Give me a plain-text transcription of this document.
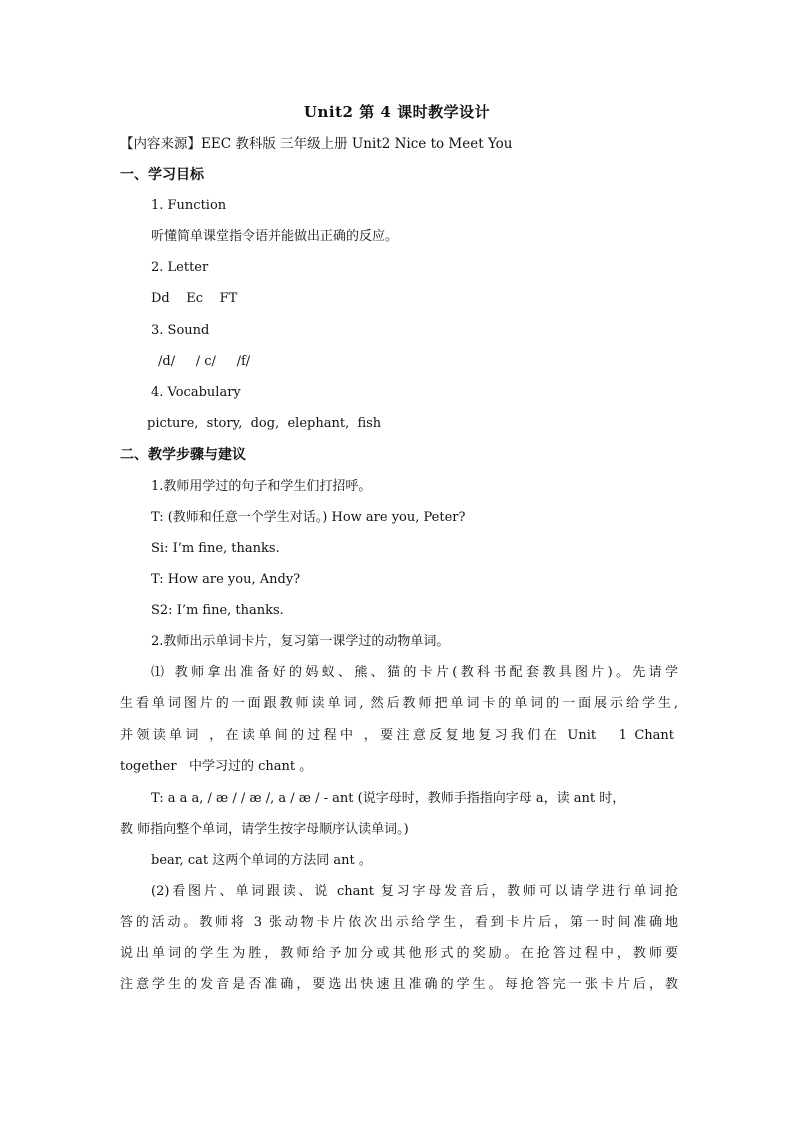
Unit2 第 4 课时教学设计
【内容来源】EEC 教科版 三年级上册 Unit2 Nice to Meet You
一、学习目标
1. Function
听懂简单课堂指令语并能做出正确的反应。
2. Letter
Dd    Ec    FT
3. Sound
/d/     / c/     /f/
4. Vocabulary
picture,  story,  dog,  elephant,  fish
二、教学步骤与建议
1.教师用学过的句子和学生们打招呼。
T: (教师和任意一个学生对话。) How are you, Peter?
Si: I’m fine, thanks.
T: How are you, Andy?
S2: I’m fine, thanks.
2.教师出示单词卡片，复习第一课学过的动物单词。
⑴ 教师拿出准备好的妈蚁、熊、猫的卡片(教科书配套教具图片)。先请学
生看单词图片的一面跟教师读单词, 然后教师把单词卡的单词的一面展示给学生,
并领读单词 ，在读单间的过程中 ，要注意反复地复习我们在 Unit   1 Chant
together   中学习过的 chant 。
T: a a a, / æ / / æ /, a / æ / - ant (说字母时，教师手指指向字母 a，读 ant 时，
教 师指向整个单词，请学生按字母顺序认读单词。)
bear, cat 这两个单词的方法同 ant 。
(2)看图片、单词跟读、说 chant 复习字母发音后，教师可以请学进行单词抢
答的活动。教师将 3 张动物卡片依次出示给学生，看到卡片后，第一时间准确地
说出单词的学生为胜，教师给予加分或其他形式的奖励。在抢答过程中，教师要
注意学生的发音是否准确，要选出快速且准确的学生。每抢答完一张卡片后，教
